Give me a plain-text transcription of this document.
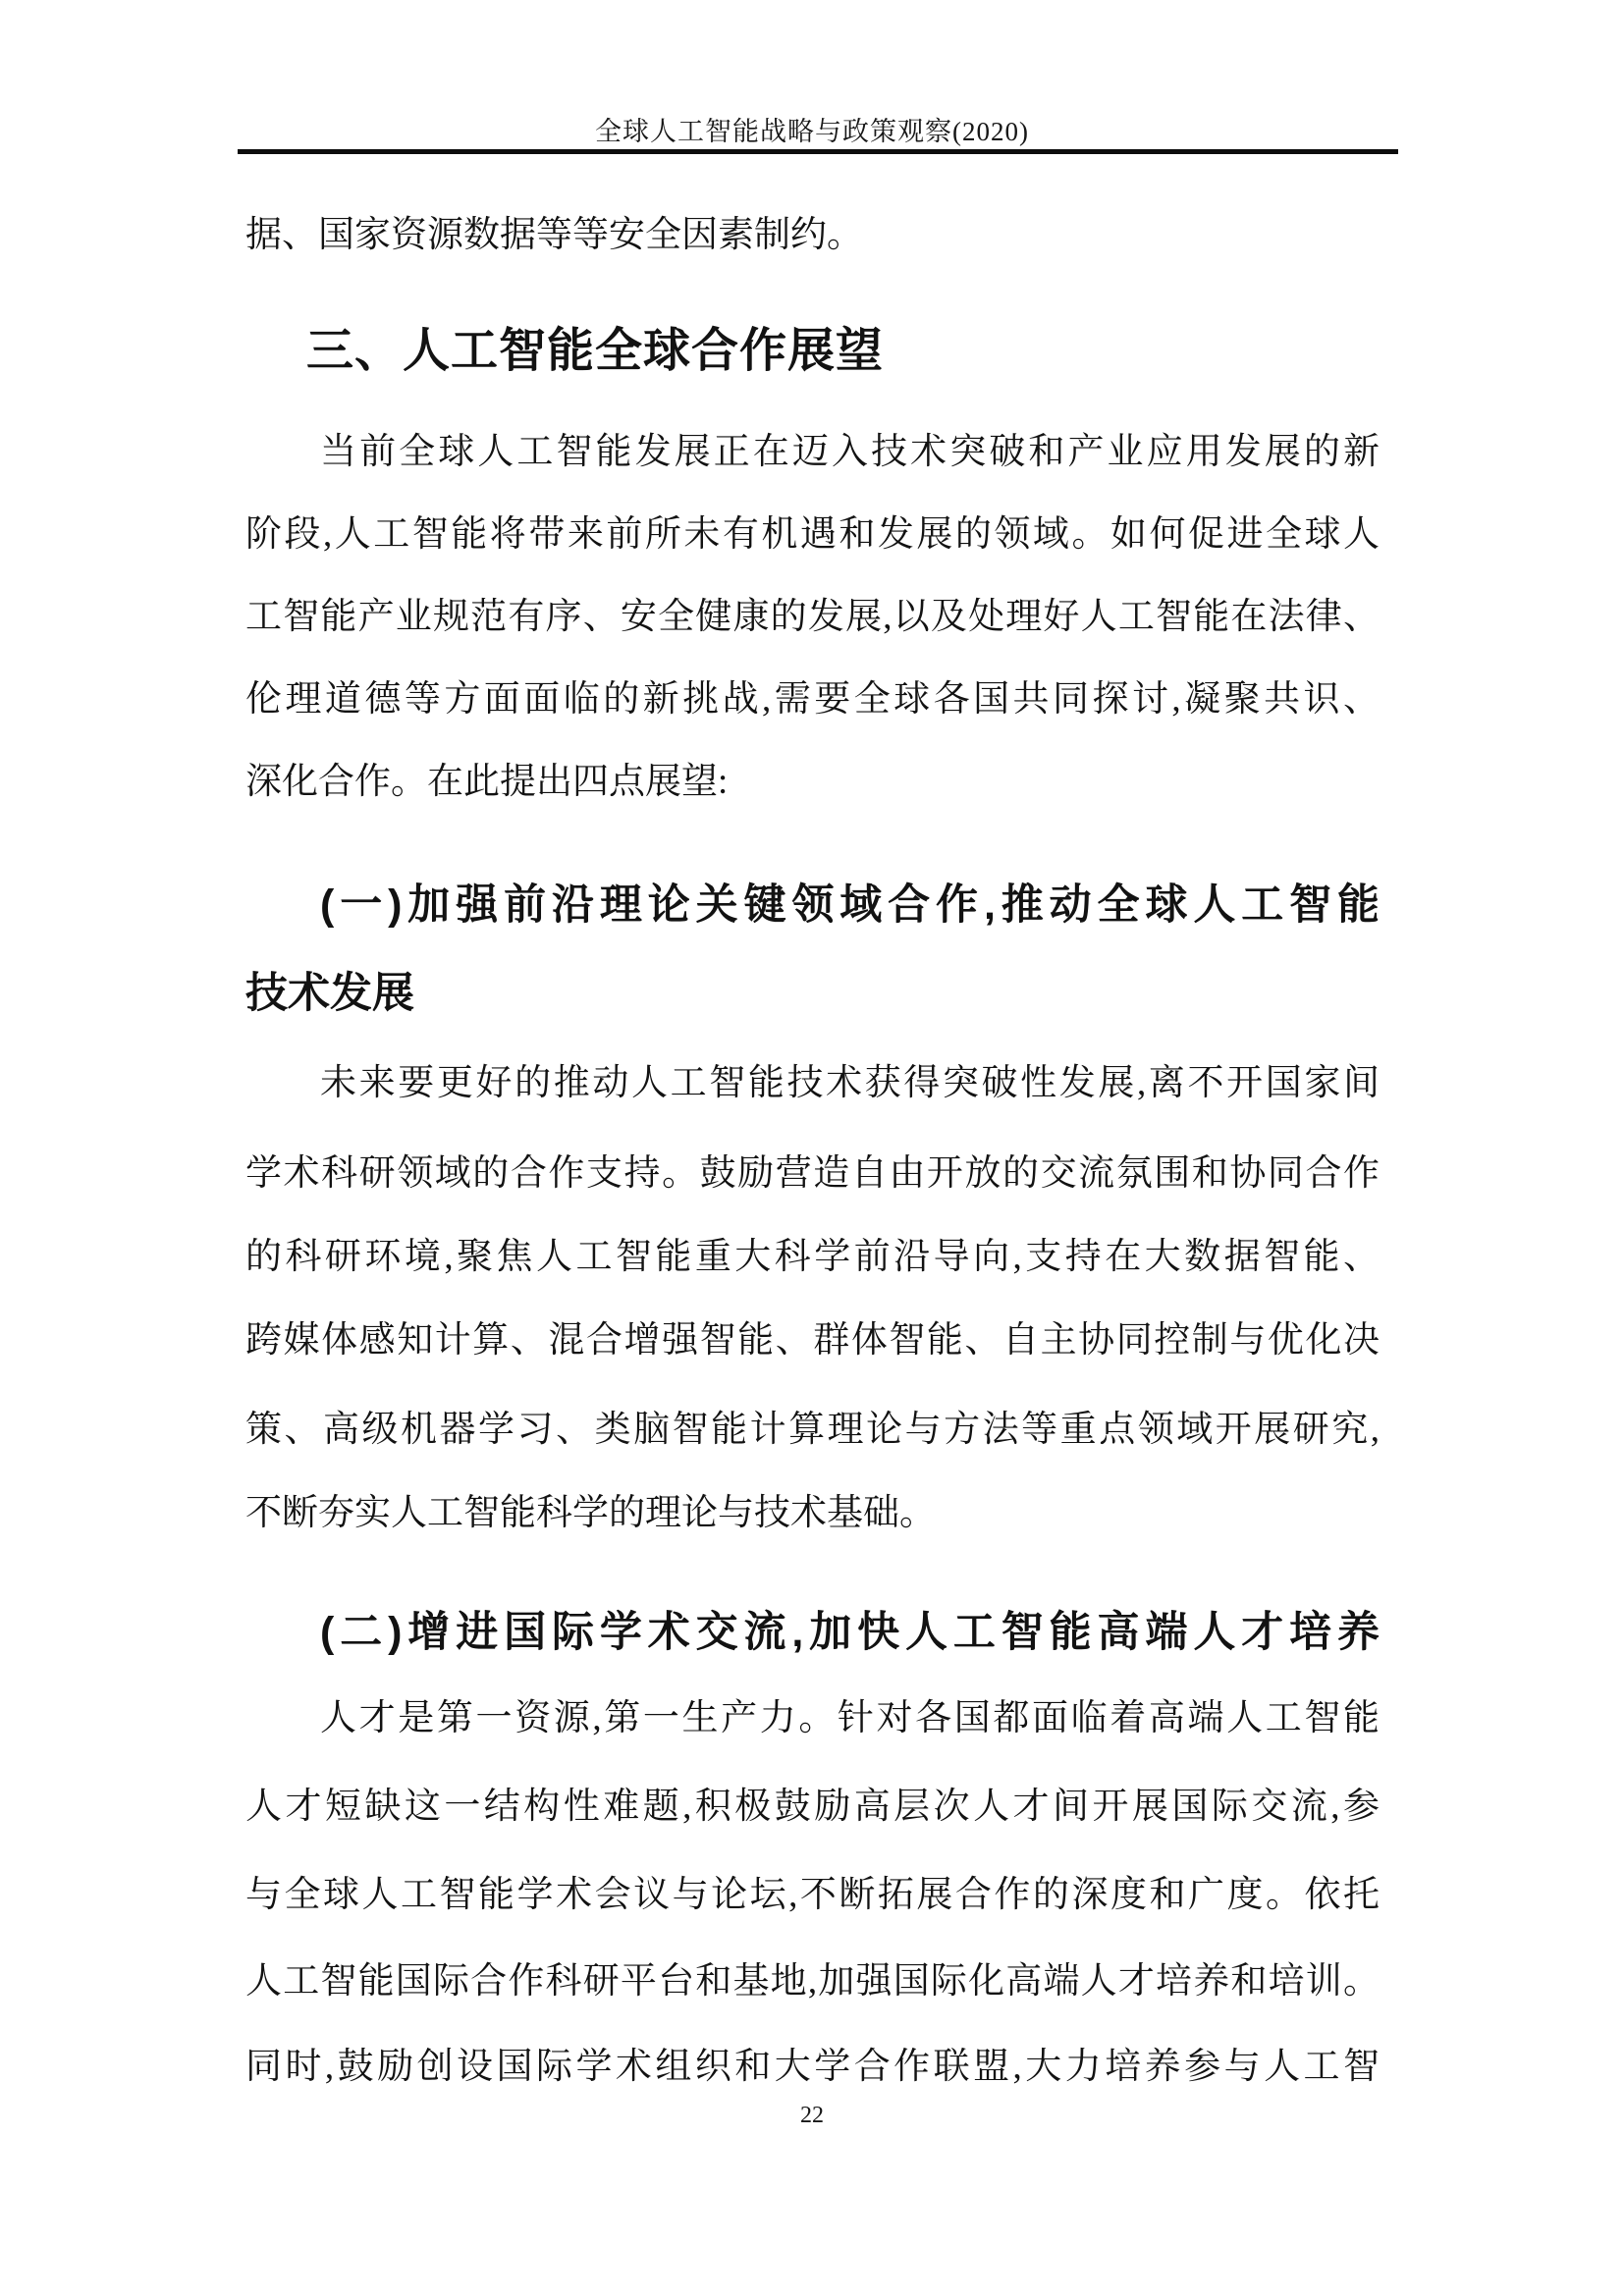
全球人工智能战略与政策观察(2020)
据、国家资源数据等等安全因素制约。
三、人工智能全球合作展望
当前全球人工智能发展正在迈入技术突破和产业应用发展的新
阶段,人工智能将带来前所未有机遇和发展的领域。如何促进全球人
工智能产业规范有序、安全健康的发展,以及处理好人工智能在法律、
伦理道德等方面面临的新挑战,需要全球各国共同探讨,凝聚共识、
深化合作。在此提出四点展望:
(一)加强前沿理论关键领域合作,推动全球人工智能
技术发展
未来要更好的推动人工智能技术获得突破性发展,离不开国家间
学术科研领域的合作支持。鼓励营造自由开放的交流氛围和协同合作
的科研环境,聚焦人工智能重大科学前沿导向,支持在大数据智能、
跨媒体感知计算、混合增强智能、群体智能、自主协同控制与优化决
策、高级机器学习、类脑智能计算理论与方法等重点领域开展研究,
不断夯实人工智能科学的理论与技术基础。
(二)增进国际学术交流,加快人工智能高端人才培养
人才是第一资源,第一生产力。针对各国都面临着高端人工智能
人才短缺这一结构性难题,积极鼓励高层次人才间开展国际交流,参
与全球人工智能学术会议与论坛,不断拓展合作的深度和广度。依托
人工智能国际合作科研平台和基地,加强国际化高端人才培养和培训。
同时,鼓励创设国际学术组织和大学合作联盟,大力培养参与人工智
22
